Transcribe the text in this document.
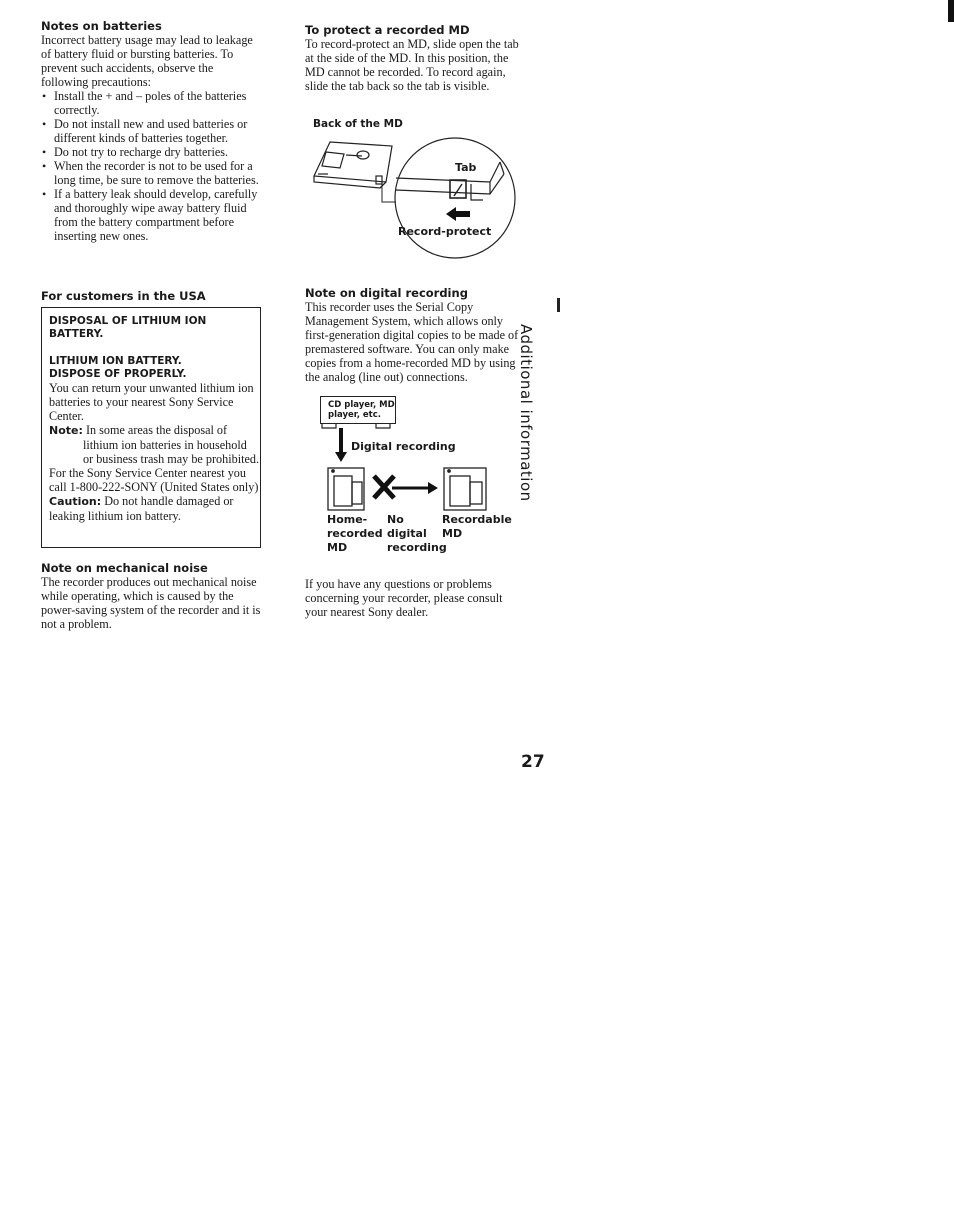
Notes on batteries

Incorrect battery usage may lead to leakage of battery fluid or bursting batteries. To prevent such accidents, observe the following precautions:

• Install the + and – poles of the batteries correctly.
• Do not install new and used batteries or different kinds of batteries together.
• Do not try to recharge dry batteries.
• When the recorder is not to be used for a long time, be sure to remove the batteries.
• If a battery leak should develop, carefully and thoroughly wipe away battery fluid from the battery compartment before inserting new ones.
For customers in the USA
DISPOSAL OF LITHIUM ION BATTERY.
LITHIUM ION BATTERY.
DISPOSE OF PROPERLY.

You can return your unwanted lithium ion batteries to your nearest Sony Service Center.

Note: In some areas the disposal of lithium ion batteries in household or business trash may be prohibited.

For the Sony Service Center nearest you call 1-800-222-SONY (United States only)

Caution: Do not handle damaged or leaking lithium ion battery.

Note on mechanical noise

The recorder produces out mechanical noise while operating, which is caused by the power-saving system of the recorder and it is not a problem.

To protect a recorded MD

To record-protect an MD, slide open the tab at the side of the MD. In this position, the MD cannot be recorded. To record again, slide the tab back so the tab is visible.

Back of the MD
Tab
Record-protect
Note on digital recording

This recorder uses the Serial Copy Management System, which allows only first-generation digital copies to be made of premastered software. You can only make copies from a home-recorded MD by using the analog (line out) connections.

CD player, MD
player, etc.
Digital recording
Home-
recorded
MD
No
digital
recording
Recordable
MD

If you have any questions or problems concerning your recorder, please consult your nearest Sony dealer.

Additional information
27
